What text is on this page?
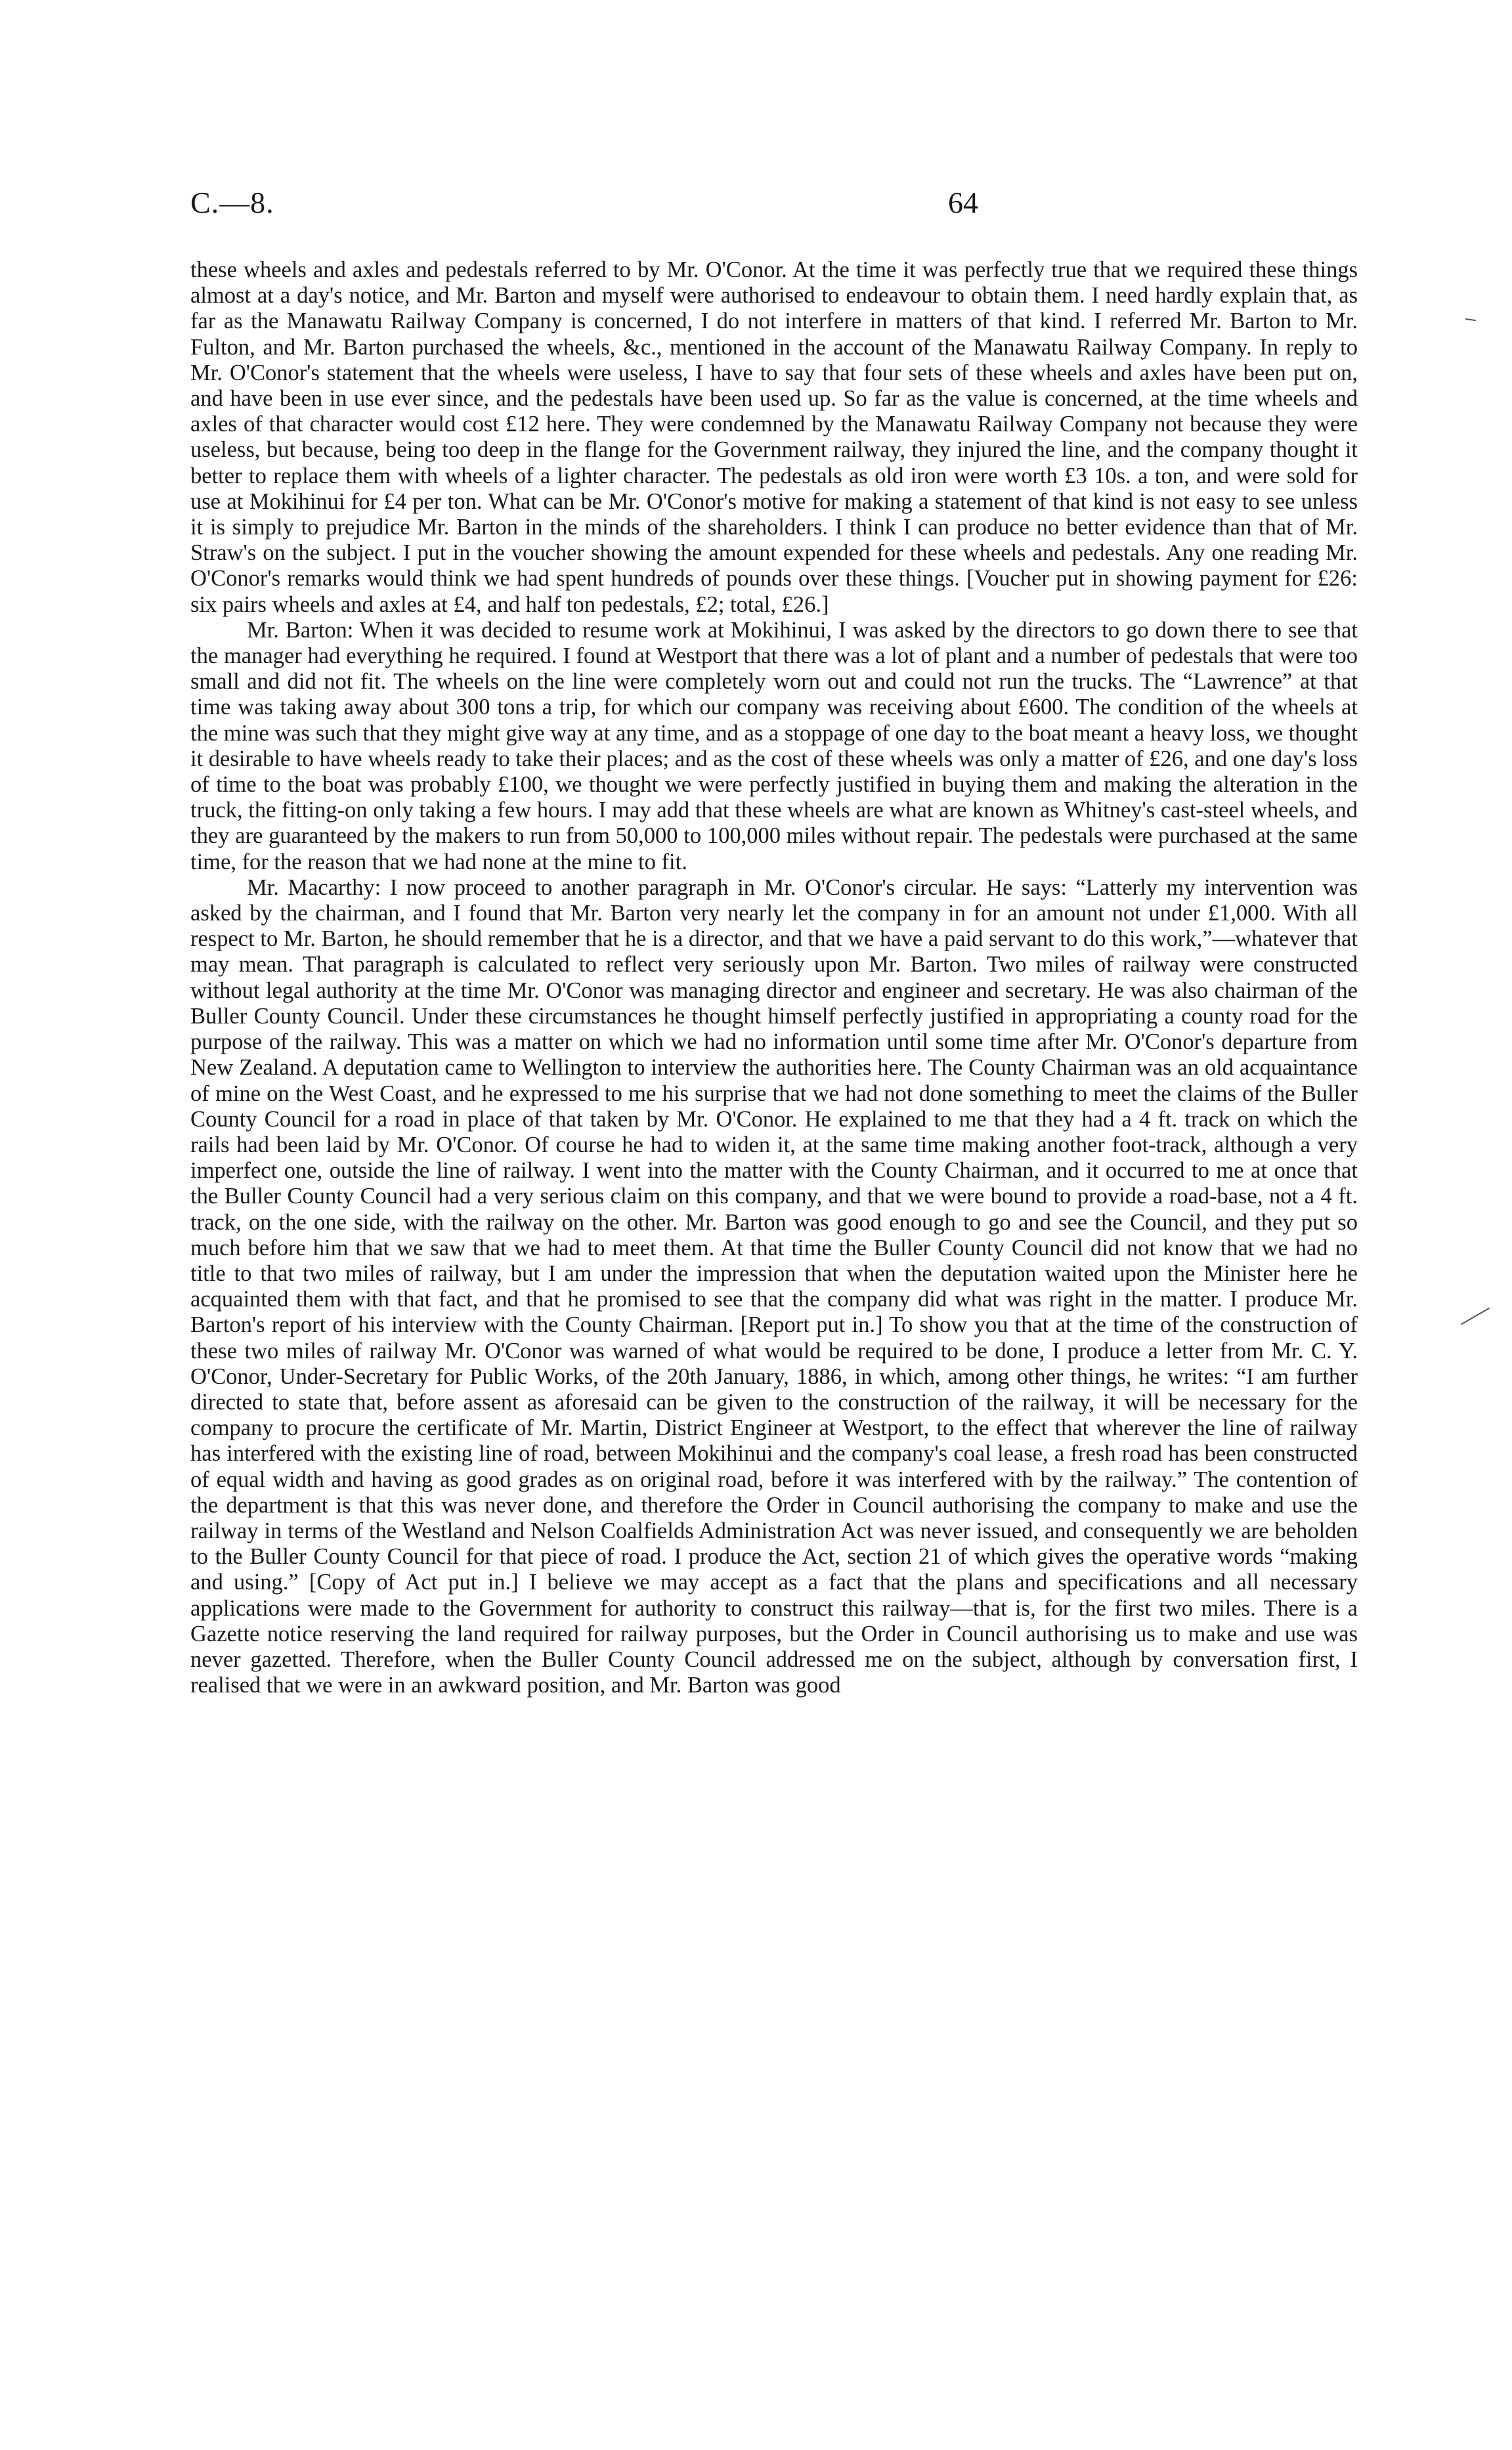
C.—8.	64

these wheels and axles and pedestals referred to by Mr. O'Conor. At the time it was perfectly true that we required these things almost at a day's notice, and Mr. Barton and myself were authorised to endeavour to obtain them. I need hardly explain that, as far as the Manawatu Railway Company is concerned, I do not interfere in matters of that kind. I referred Mr. Barton to Mr. Fulton, and Mr. Barton purchased the wheels, &c., mentioned in the account of the Manawatu Railway Company. In reply to Mr. O'Conor's statement that the wheels were useless, I have to say that four sets of these wheels and axles have been put on, and have been in use ever since, and the pedestals have been used up. So far as the value is concerned, at the time wheels and axles of that character would cost £12 here. They were condemned by the Manawatu Railway Company not because they were useless, but because, being too deep in the flange for the Government railway, they injured the line, and the company thought it better to replace them with wheels of a lighter character. The pedestals as old iron were worth £3 10s. a ton, and were sold for use at Mokihinui for £4 per ton. What can be Mr. O'Conor's motive for making a statement of that kind is not easy to see unless it is simply to prejudice Mr. Barton in the minds of the shareholders. I think I can produce no better evidence than that of Mr. Straw's on the subject. I put in the voucher showing the amount expended for these wheels and pedestals. Any one reading Mr. O'Conor's remarks would think we had spent hundreds of pounds over these things. [Voucher put in showing payment for £26: six pairs wheels and axles at £4, and half ton pedestals, £2; total, £26.]

Mr. Barton: When it was decided to resume work at Mokihinui, I was asked by the directors to go down there to see that the manager had everything he required. I found at Westport that there was a lot of plant and a number of pedestals that were too small and did not fit. The wheels on the line were completely worn out and could not run the trucks. The “Lawrence” at that time was taking away about 300 tons a trip, for which our company was receiving about £600. The condition of the wheels at the mine was such that they might give way at any time, and as a stoppage of one day to the boat meant a heavy loss, we thought it desirable to have wheels ready to take their places; and as the cost of these wheels was only a matter of £26, and one day's loss of time to the boat was probably £100, we thought we were perfectly justified in buying them and making the alteration in the truck, the fitting-on only taking a few hours. I may add that these wheels are what are known as Whitney's cast-steel wheels, and they are guaranteed by the makers to run from 50,000 to 100,000 miles without repair. The pedestals were purchased at the same time, for the reason that we had none at the mine to fit.

Mr. Macarthy: I now proceed to another paragraph in Mr. O'Conor's circular. He says: “Latterly my intervention was asked by the chairman, and I found that Mr. Barton very nearly let the company in for an amount not under £1,000. With all respect to Mr. Barton, he should remember that he is a director, and that we have a paid servant to do this work,”—whatever that may mean. That paragraph is calculated to reflect very seriously upon Mr. Barton. Two miles of railway were constructed without legal authority at the time Mr. O'Conor was managing director and engineer and secretary. He was also chairman of the Buller County Council. Under these circumstances he thought himself perfectly justified in appropriating a county road for the purpose of the railway. This was a matter on which we had no information until some time after Mr. O'Conor's departure from New Zealand. A deputation came to Wellington to interview the authorities here. The County Chairman was an old acquaintance of mine on the West Coast, and he expressed to me his surprise that we had not done something to meet the claims of the Buller County Council for a road in place of that taken by Mr. O'Conor. He explained to me that they had a 4 ft. track on which the rails had been laid by Mr. O'Conor. Of course he had to widen it, at the same time making another foot-track, although a very imperfect one, outside the line of railway. I went into the matter with the County Chairman, and it occurred to me at once that the Buller County Council had a very serious claim on this company, and that we were bound to provide a road-base, not a 4 ft. track, on the one side, with the railway on the other. Mr. Barton was good enough to go and see the Council, and they put so much before him that we saw that we had to meet them. At that time the Buller County Council did not know that we had no title to that two miles of railway, but I am under the impression that when the deputation waited upon the Minister here he acquainted them with that fact, and that he promised to see that the company did what was right in the matter. I produce Mr. Barton's report of his interview with the County Chairman. [Report put in.] To show you that at the time of the construction of these two miles of railway Mr. O'Conor was warned of what would be required to be done, I produce a letter from Mr. C. Y. O'Conor, Under-Secretary for Public Works, of the 20th January, 1886, in which, among other things, he writes: “I am further directed to state that, before assent as aforesaid can be given to the construction of the railway, it will be necessary for the company to procure the certificate of Mr. Martin, District Engineer at Westport, to the effect that wherever the line of railway has interfered with the existing line of road, between Mokihinui and the company's coal lease, a fresh road has been constructed of equal width and having as good grades as on original road, before it was interfered with by the railway.” The contention of the department is that this was never done, and therefore the Order in Council authorising the company to make and use the railway in terms of the Westland and Nelson Coalfields Administration Act was never issued, and consequently we are beholden to the Buller County Council for that piece of road. I produce the Act, section 21 of which gives the operative words “making and using.” [Copy of Act put in.] I believe we may accept as a fact that the plans and specifications and all necessary applications were made to the Government for authority to construct this railway—that is, for the first two miles. There is a Gazette notice reserving the land required for railway purposes, but the Order in Council authorising us to make and use was never gazetted. Therefore, when the Buller County Council addressed me on the subject, although by conversation first, I realised that we were in an awkward position, and Mr. Barton was good
